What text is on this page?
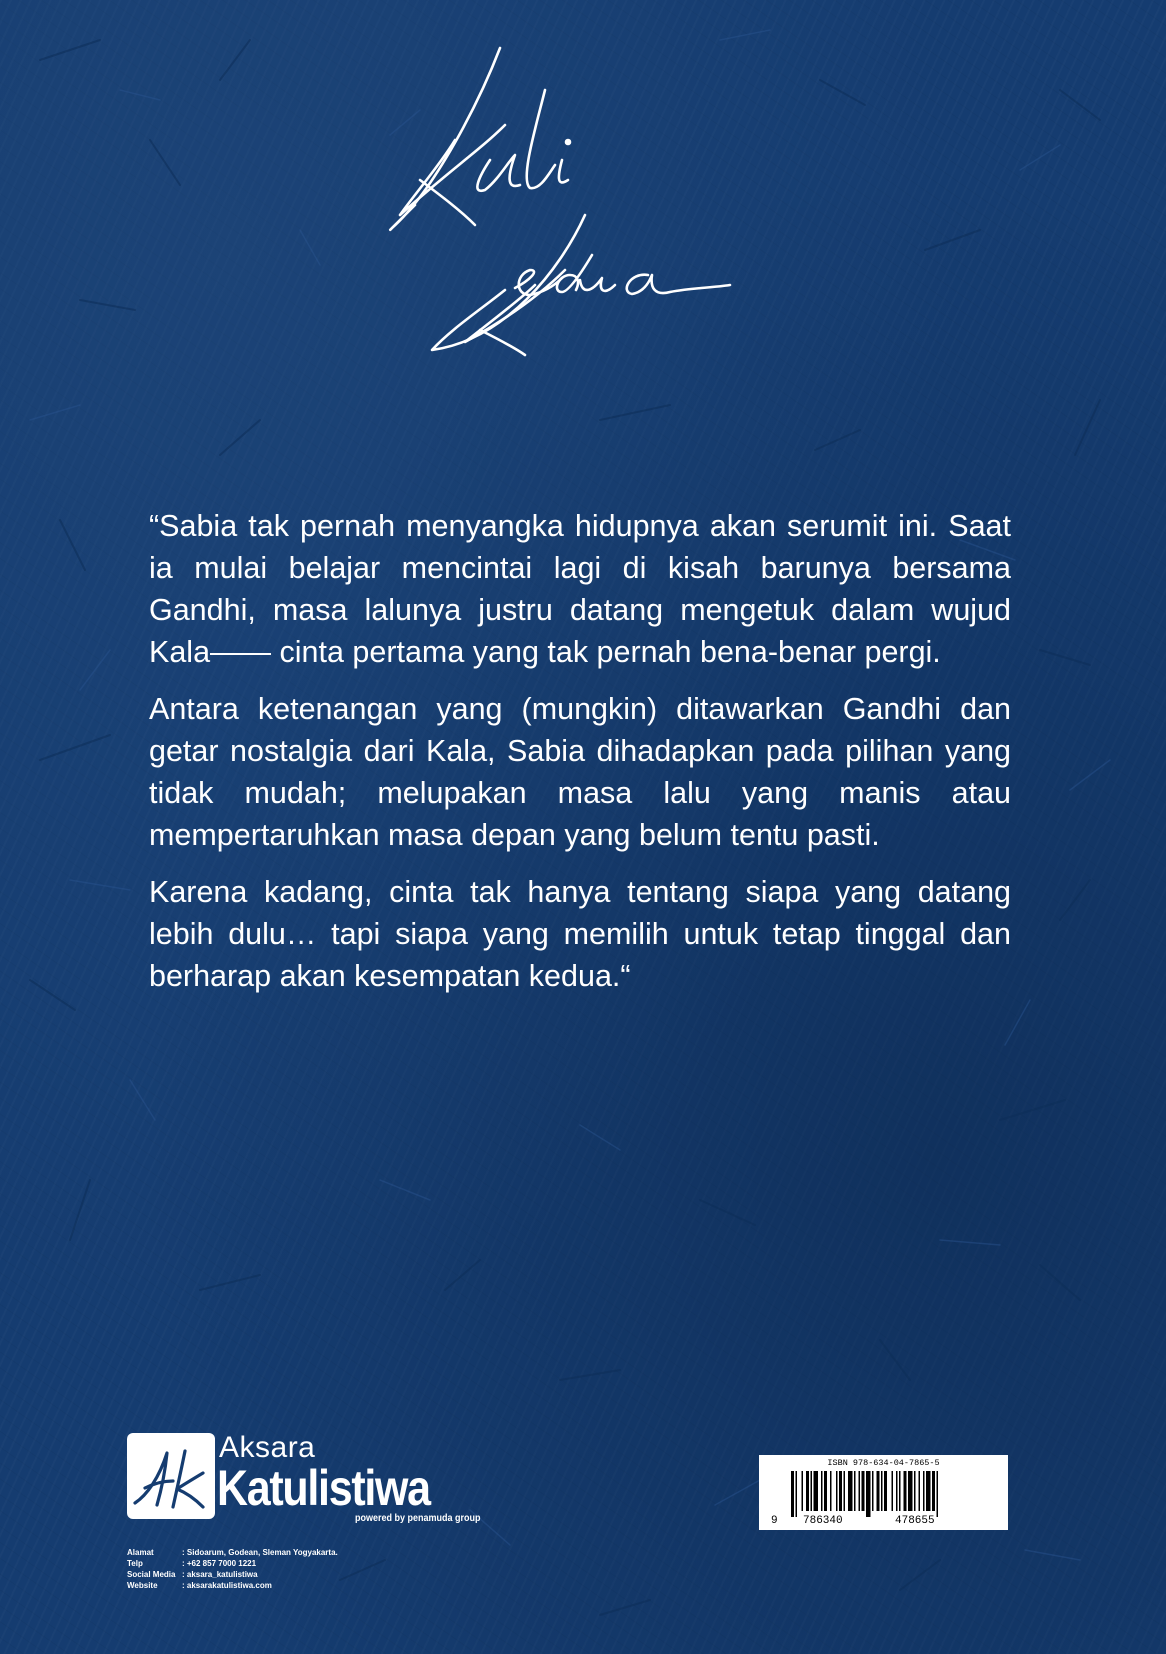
“Sabia tak pernah menyangka hidupnya akan serumit ini. Saat ia mulai belajar mencintai lagi di kisah barunya bersama Gandhi, masa lalunya justru datang mengetuk dalam wujud Kala—— cinta pertama yang tak pernah bena-benar pergi.

Antara ketenangan yang (mungkin) ditawarkan Gandhi dan getar nostalgia dari Kala, Sabia dihadapkan pada pilihan yang tidak mudah; melupakan masa lalu yang manis atau mempertaruhkan masa depan yang belum tentu pasti.

Karena kadang, cinta tak hanya tentang siapa yang datang lebih dulu… tapi siapa yang memilih untuk tetap tinggal dan berharap akan kesempatan kedua.“

Aksara
Katulistiwa
powered by penamuda group
Alamat	: Sidoarum, Godean, Sleman Yogyakarta.
Telp	: +62 857 7000 1221
Social Media : aksara_katulistiwa
Website	: aksarakatulistiwa.com
ISBN 978-634-04-7865-5
9 786340	478655
